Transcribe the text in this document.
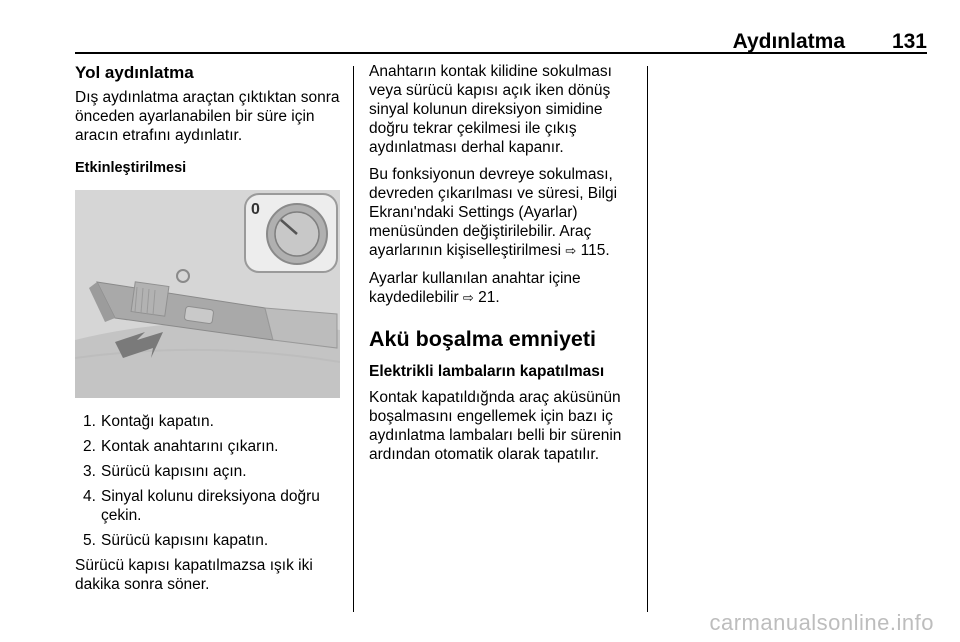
Aydınlatma 131
Yol aydınlatma

Dış aydınlatma araçtan çıktıktan sonra önceden ayarlanabilen bir süre için aracın etrafını aydınlatır.

Etkinleştirilmesi
0
1. Kontağı kapatın.
2. Kontak anahtarını çıkarın.
3. Sürücü kapısını açın.
4. Sinyal kolunu direksiyona doğru çekin.
5. Sürücü kapısını kapatın.

Sürücü kapısı kapatılmazsa ışık iki dakika sonra söner.

Anahtarın kontak kilidine sokulması veya sürücü kapısı açık iken dönüş sinyal kolunun direksiyon simidine doğru tekrar çekilmesi ile çıkış aydınlatması derhal kapanır.

Bu fonksiyonun devreye sokulması, devreden çıkarılması ve süresi, Bilgi Ekranı'ndaki Settings (Ayarlar) menüsünden değiştirilebilir. Araç ayarlarının kişiselleştirilmesi ⇨ 115.

Ayarlar kullanılan anahtar içine kaydedilebilir ⇨ 21.

Akü boşalma emniyeti
Elektrikli lambaların kapatılması

Kontak kapatıldığnda araç aküsünün boşalmasını engellemek için bazı iç aydınlatma lambaları belli bir sürenin ardından otomatik olarak tapatılır.

carmanualsonline.info
